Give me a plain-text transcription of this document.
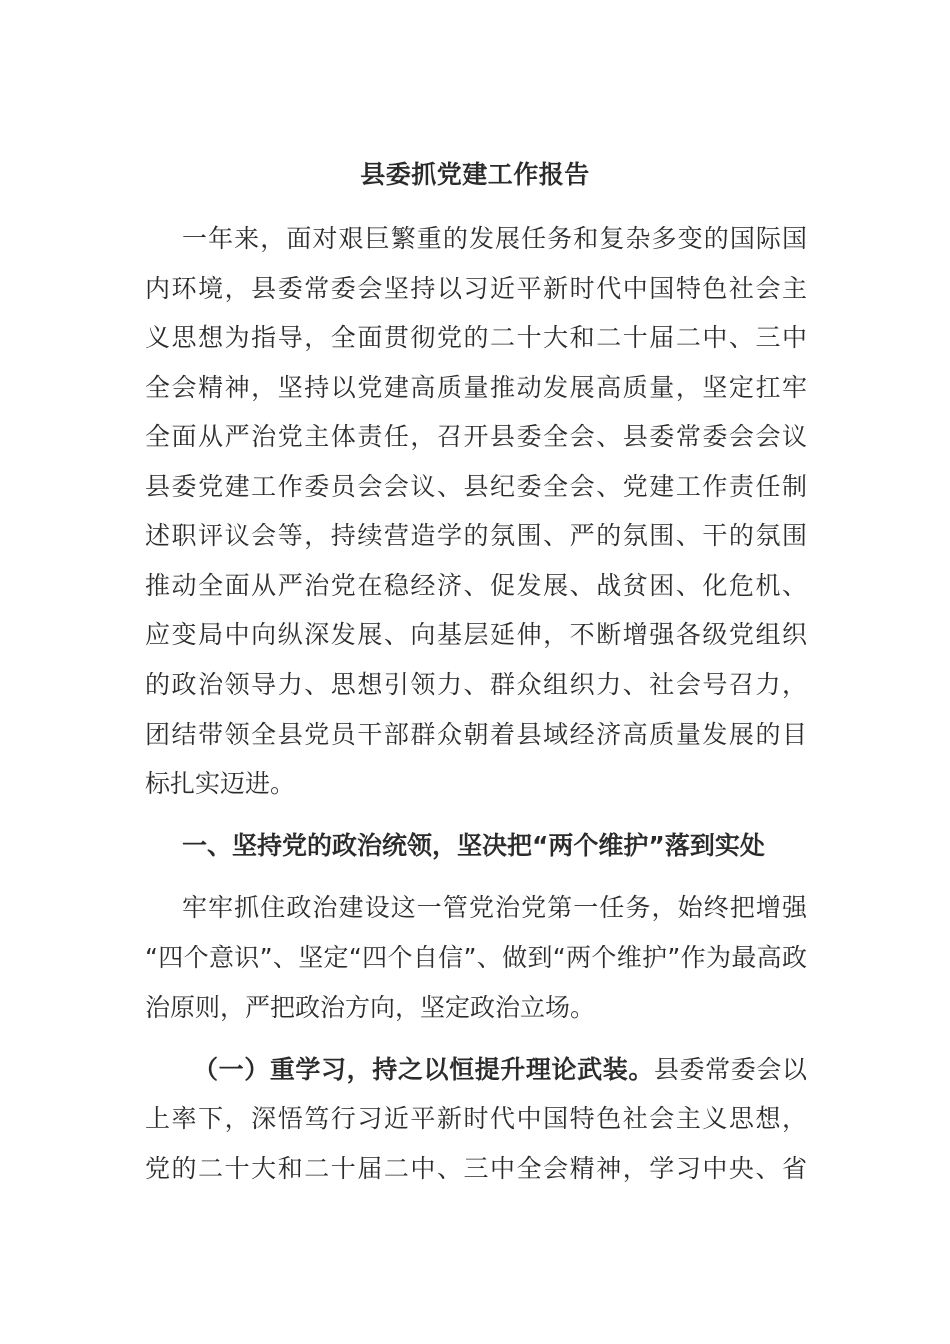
县委抓党建工作报告

一年来，面对艰巨繁重的发展任务和复杂多变的国际国

内环境，县委常委会坚持以习近平新时代中国特色社会主

义思想为指导，全面贯彻党的二十大和二十届二中、三中

全会精神，坚持以党建高质量推动发展高质量，坚定扛牢

全面从严治党主体责任，召开县委全会、县委常委会会议

县委党建工作委员会会议、县纪委全会、党建工作责任制

述职评议会等，持续营造学的氛围、严的氛围、干的氛围

推动全面从严治党在稳经济、促发展、战贫困、化危机、

应变局中向纵深发展、向基层延伸，不断增强各级党组织

的政治领导力、思想引领力、群众组织力、社会号召力，

团结带领全县党员干部群众朝着县域经济高质量发展的目

标扎实迈进。

一、坚持党的政治统领，坚决把“两个维护”落到实处

牢牢抓住政治建设这一管党治党第一任务，始终把增强

“四个意识”、坚定“四个自信”、做到“两个维护”作为最高政

治原则，严把政治方向，坚定政治立场。

（一）重学习，持之以恒提升理论武装。县委常委会以

上率下，深悟笃行习近平新时代中国特色社会主义思想，

党的二十大和二十届二中、三中全会精神，学习中央、省
